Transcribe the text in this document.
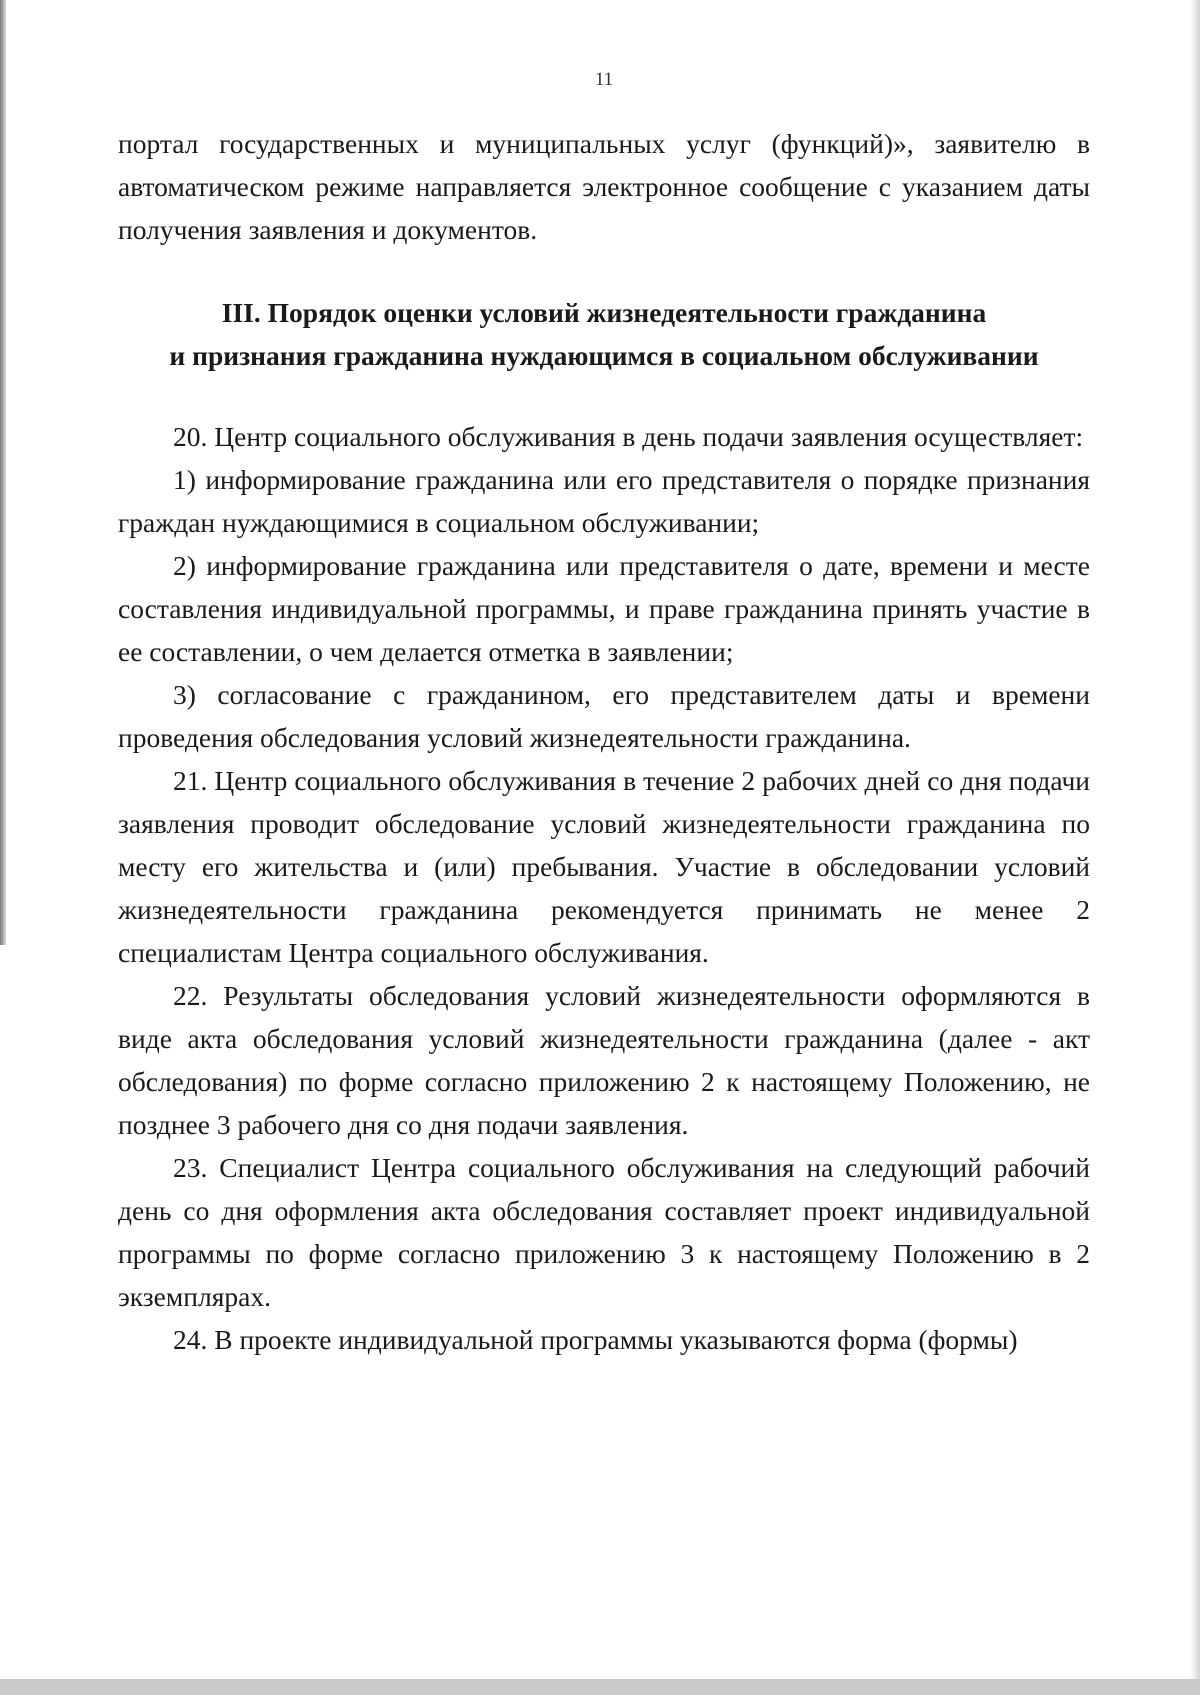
11

портал государственных и муниципальных услуг (функций)», заявителю в автоматическом режиме направляется электронное сообщение с указанием даты получения заявления и документов.

III. Порядок оценки условий жизнедеятельности гражданина
и признания гражданина нуждающимся в социальном обслуживании

20. Центр социального обслуживания в день подачи заявления осуществляет:

1) информирование гражданина или его представителя о порядке признания граждан нуждающимися в социальном обслуживании;

2) информирование гражданина или представителя о дате, времени и месте составления индивидуальной программы, и праве гражданина принять участие в ее составлении, о чем делается отметка в заявлении;

3) согласование с гражданином, его представителем даты и времени проведения обследования условий жизнедеятельности гражданина.

21. Центр социального обслуживания в течение 2 рабочих дней со дня подачи заявления проводит обследование условий жизнедеятельности гражданина по месту его жительства и (или) пребывания. Участие в обследовании условий жизнедеятельности гражданина рекомендуется принимать не менее 2 специалистам Центра социального обслуживания.

22. Результаты обследования условий жизнедеятельности оформляются в виде акта обследования условий жизнедеятельности гражданина (далее - акт обследования) по форме согласно приложению 2 к настоящему Положению, не позднее 3 рабочего дня со дня подачи заявления.

23. Специалист Центра социального обслуживания на следующий рабочий день со дня оформления акта обследования составляет проект индивидуальной программы по форме согласно приложению 3 к настоящему Положению в 2 экземплярах.

24. В проекте индивидуальной программы указываются форма (формы)
